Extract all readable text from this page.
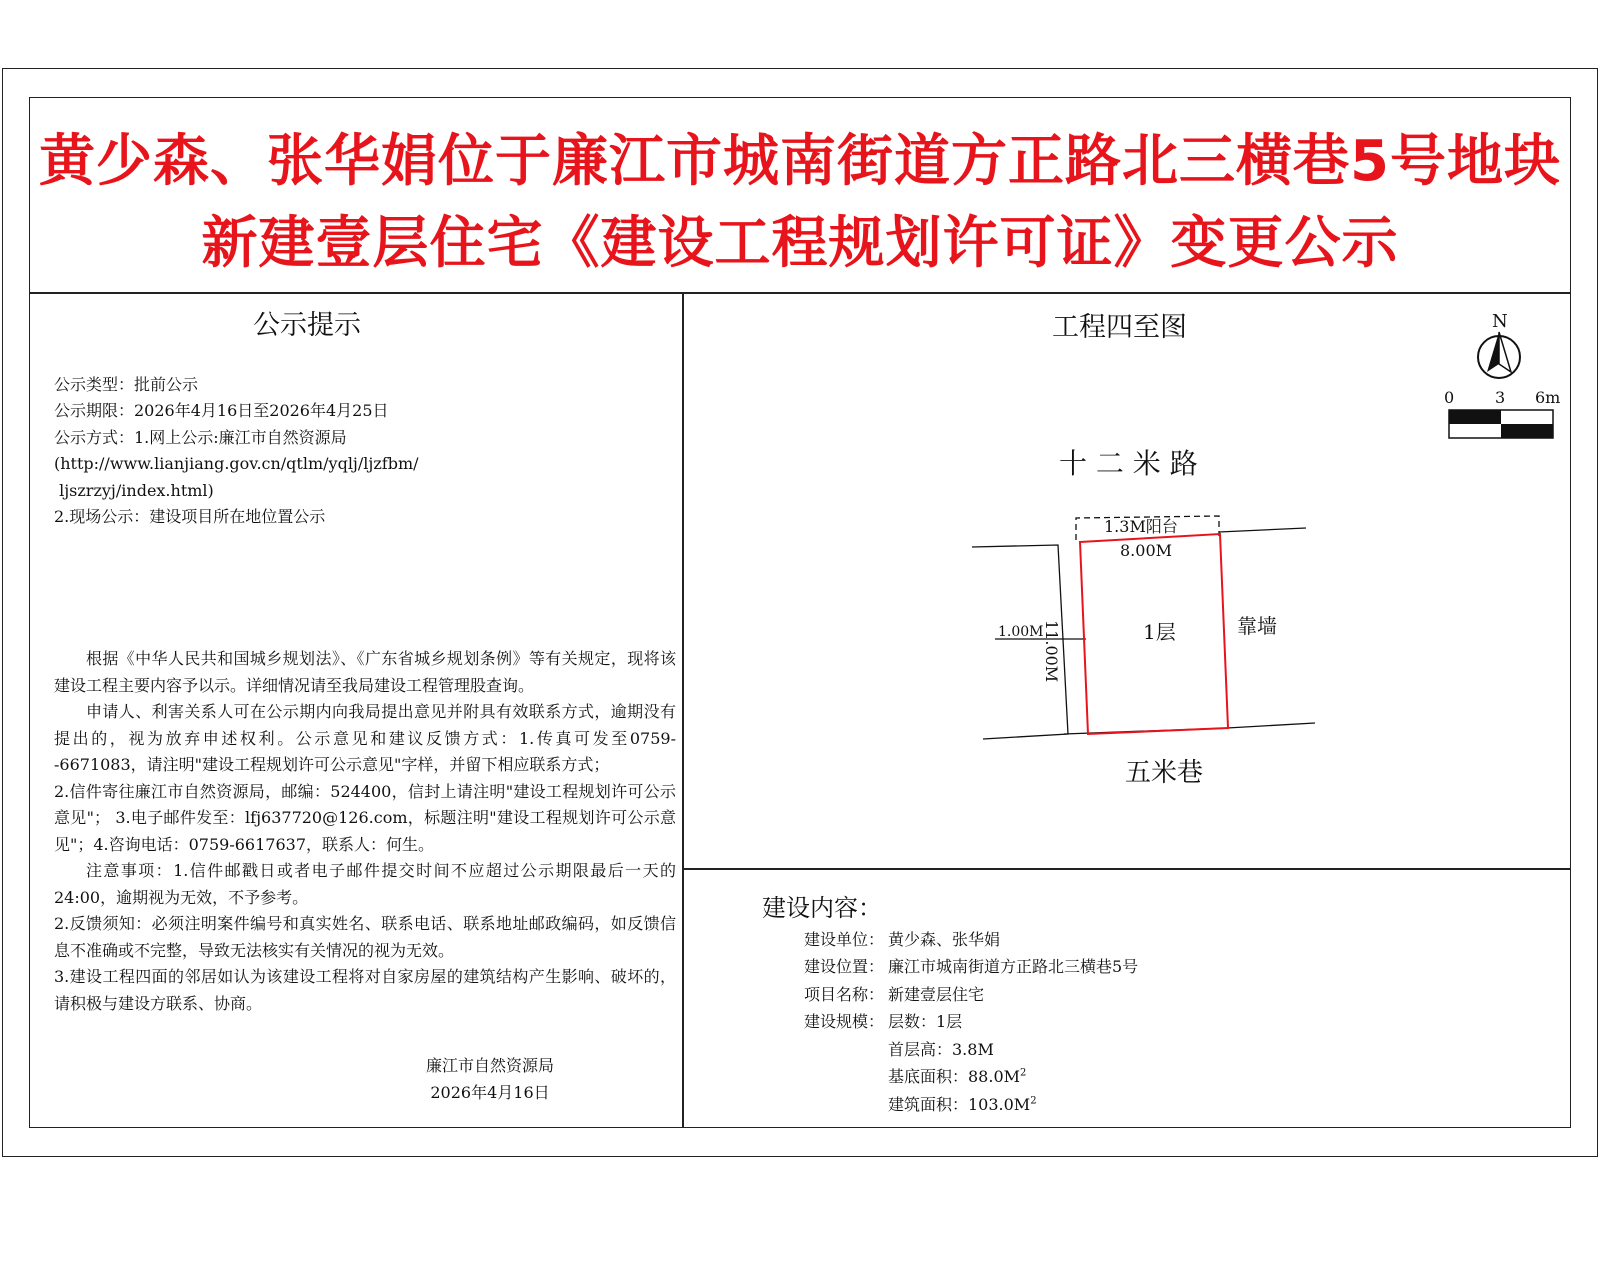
黄少森、张华娟位于廉江市城南街道方正路北三横巷5号地块
新建壹层住宅《建设工程规划许可证》变更公示
公示提示
公示类型：批前公示
公示期限：2026年4月16日至2026年4月25日
公示方式：1.网上公示:廉江市自然资源局
(http://www.lianjiang.gov.cn/qtlm/yqlj/ljzfbm/
ljszrzyj/index.html)
2.现场公示：建设项目所在地位置公示

根据《中华人民共和国城乡规划法》、《广东省城乡规划条例》等有关规定，现将该建设工程主要内容予以示。详细情况请至我局建设工程管理股查询。

申请人、利害关系人可在公示期内向我局提出意见并附具有效联系方式，逾期没有提出的，视为放弃申述权利。公示意见和建议反馈方式：1.传真可发至0759--6671083，请注明"建设工程规划许可公示意见"字样，并留下相应联系方式；

2.信件寄往廉江市自然资源局，邮编：524400，信封上请注明"建设工程规划许可公示意见"； 3.电子邮件发至：lfj637720@126.com，标题注明"建设工程规划许可公示意见"；4.咨询电话：0759-6617637，联系人：何生。

注意事项：1.信件邮戳日或者电子邮件提交时间不应超过公示期限最后一天的24:00，逾期视为无效，不予参考。

2.反馈须知：必须注明案件编号和真实姓名、联系电话、联系地址邮政编码，如反馈信息不准确或不完整，导致无法核实有关情况的视为无效。

3.建设工程四面的邻居如认为该建设工程将对自家房屋的建筑结构产生影响、破坏的，请积极与建设方联系、协商。

廉江市自然资源局
2026年4月16日
工程四至图	N
0	3 6m
十 二 米 路
1.3M阳台
8.00M
11.00M	1层	靠墙
1.00M
五米巷
建设内容：
建设单位： 黄少森、张华娟
建设位置： 廉江市城南街道方正路北三横巷5号
项目名称： 新建壹层住宅
建设规模： 层数：1层
首层高：3.8M
基底面积：$88.0M^2$
建筑面积：$103.0M^2$
